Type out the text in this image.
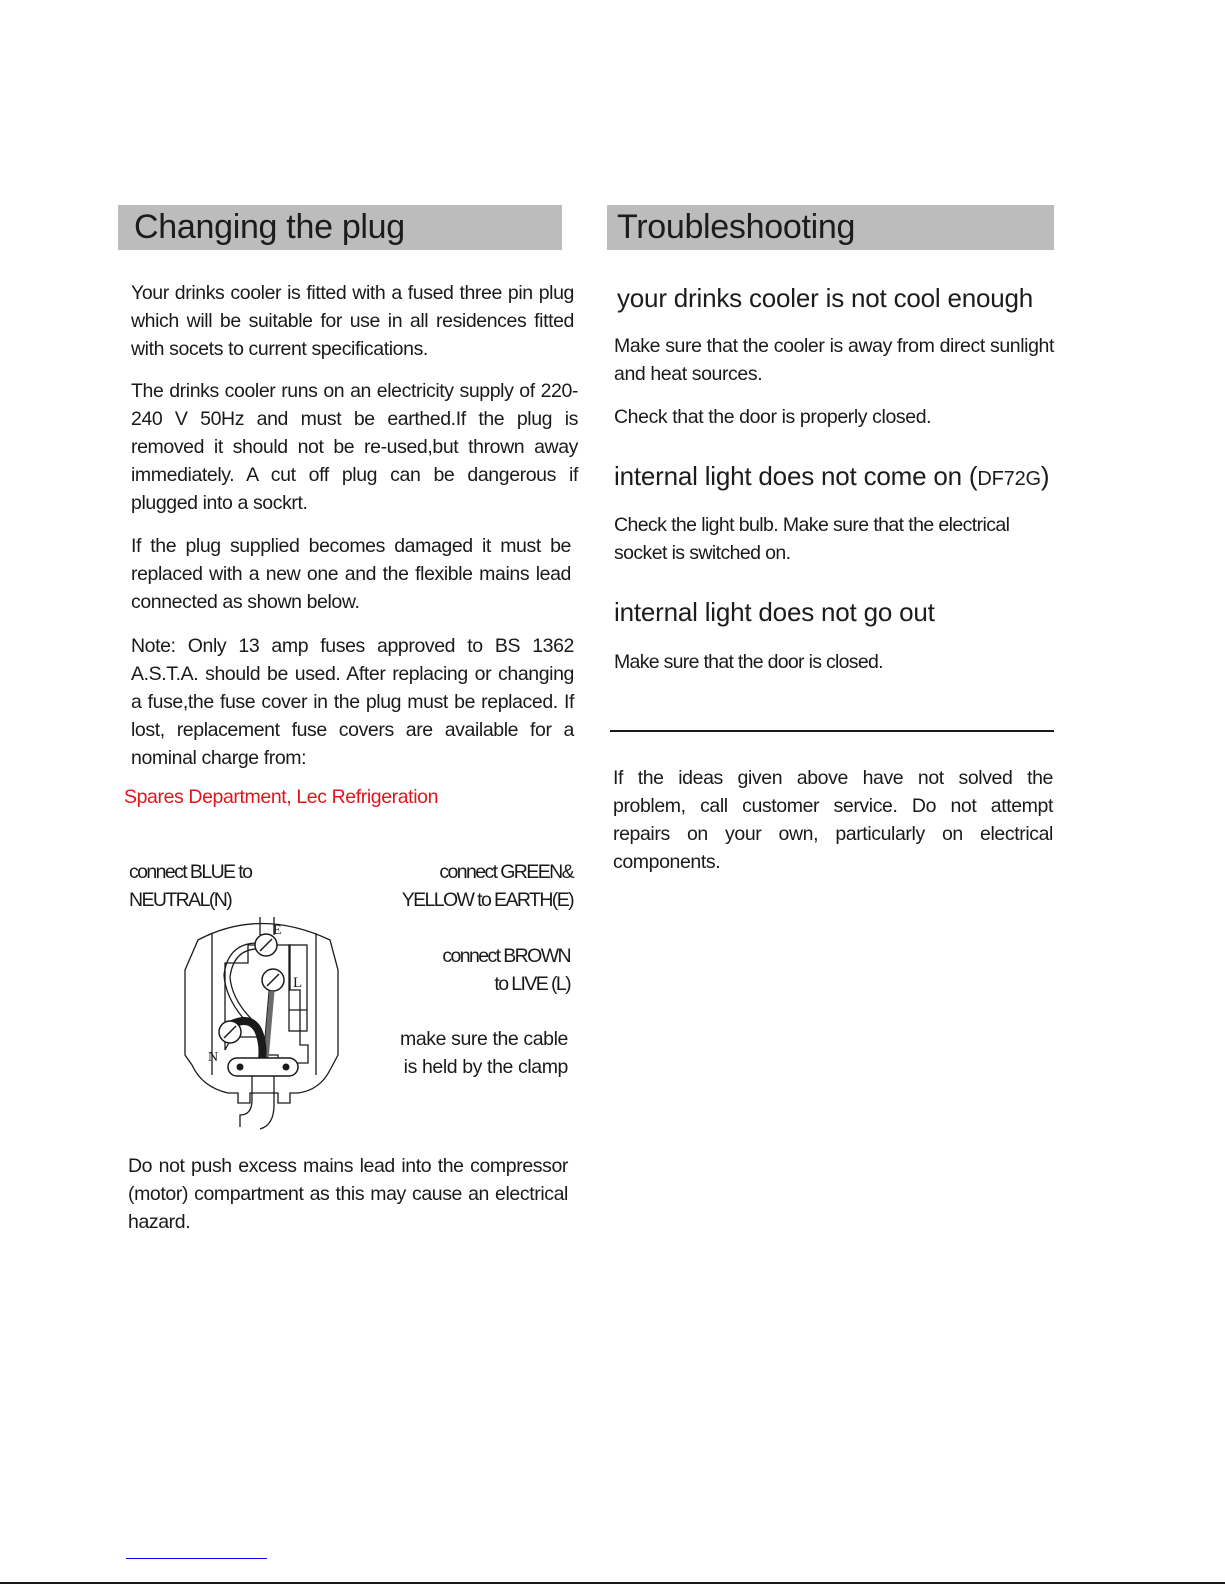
Changing the plug
Your drinks cooler is fitted with a fused three pin plug which will be suitable for use in all residences fitted with socets to current specifications.
The drinks cooler runs on an electricity supply of 220-240 V 50Hz and must be earthed.If the plug is removed it should not be re-used,but thrown away immediately. A cut off plug can be dangerous if plugged into a sockrt.
If the plug supplied becomes damaged it must be replaced with a new one and the flexible mains lead connected as shown below.
Note: Only 13 amp fuses approved to BS 1362 A.S.T.A. should be used. After replacing or changing a fuse,the fuse cover in the plug must be replaced. If lost, replacement fuse covers are available for a nominal charge from:
Spares Department, Lec Refrigeration
connect BLUE to
NEUTRAL(N)
connect GREEN&
YELLOW to EARTH(E)
connect BROWN
to LIVE (L)
make sure the cable
is held by the clamp
E
L
N
Do not push excess mains lead into the compressor (motor) compartment as this may cause an electrical hazard.
Troubleshooting
your drinks cooler is not cool enough
Make sure that the cooler is away from direct sunlight and heat sources.
Check that the door is properly closed.
internal light does not come on (DF72G)
Check the light bulb. Make sure that the electrical socket is switched on.
internal light does not go out
Make sure that the door is closed.
If the ideas given above have not solved the problem, call customer service. Do not attempt repairs on your own, particularly on electrical components.
